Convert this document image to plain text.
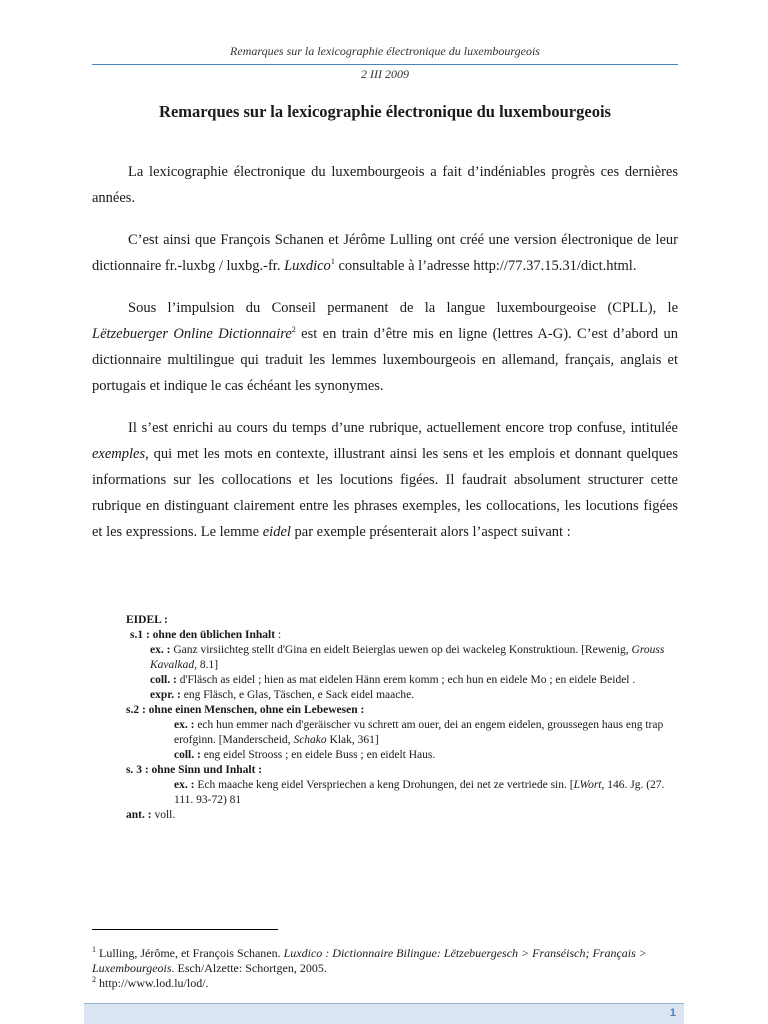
Remarques sur la lexicographie électronique du luxembourgeois
2 III 2009
Remarques sur la lexicographie électronique du luxembourgeois

La lexicographie électronique du luxembourgeois a fait d’indéniables progrès ces dernières années.

C’est ainsi que François Schanen et Jérôme Lulling ont créé une version électronique de leur dictionnaire fr.-luxbg / luxbg.-fr. Luxdico$^1$ consultable à l’adresse http://77.37.15.31/dict.html.

Sous l’impulsion du Conseil permanent de la langue luxembourgeoise (CPLL), le Lëtzebuerger Online Dictionnaire$^2$ est en train d’être mis en ligne (lettres A-G). C’est d’abord un dictionnaire multilingue qui traduit les lemmes luxembourgeois en allemand, français, anglais et portugais et indique le cas échéant les synonymes.

Il s’est enrichi au cours du temps d’une rubrique, actuellement encore trop confuse, intitulée exemples, qui met les mots en contexte, illustrant ainsi les sens et les emplois et donnant quelques informations sur les collocations et les locutions figées. Il faudrait absolument structurer cette rubrique en distinguant clairement entre les phrases exemples, les collocations, les locutions figées et les expressions. Le lemme eidel par exemple présenterait alors l’aspect suivant :

EIDEL :
s.1 : ohne den üblichen Inhalt :
ex. : Ganz virsiichteg stellt d'Gina en eidelt Beierglas uewen op dei wackeleg Konstruktioun. [Rewenig, Grouss Kavalkad, 8.1]
coll. : d'Fläsch as eidel ; hien as mat eidelen Hänn erem komm ; ech hun en eidele Mo ; en eidele Beidel .
expr. : eng Fläsch, e Glas, Täschen, e Sack eidel maache.
s.2 : ohne einen Menschen, ohne ein Lebewesen :
ex. : ech hun emmer nach d'geräischer vu schrett am ouer, dei an engem eidelen, groussegen haus eng trap erofginn. [Manderscheid, Schako Klak, 361]
coll. : eng eidel Strooss ; en eidele Buss ; en eidelt Haus.
s. 3 : ohne Sinn und Inhalt :
ex. : Ech maache keng eidel Verspriechen a keng Drohungen, dei net ze vertriede sin. [LWort, 146. Jg. (27. 111. 93-72) 81
ant. : voll.

$^1$ Lulling, Jérôme, et François Schanen. Luxdico : Dictionnaire Bilingue: Lëtzebuergesch > Franséisch; Français > Luxembourgeois. Esch/Alzette: Schortgen, 2005.

$^2$ http://www.lod.lu/lod/.

1
